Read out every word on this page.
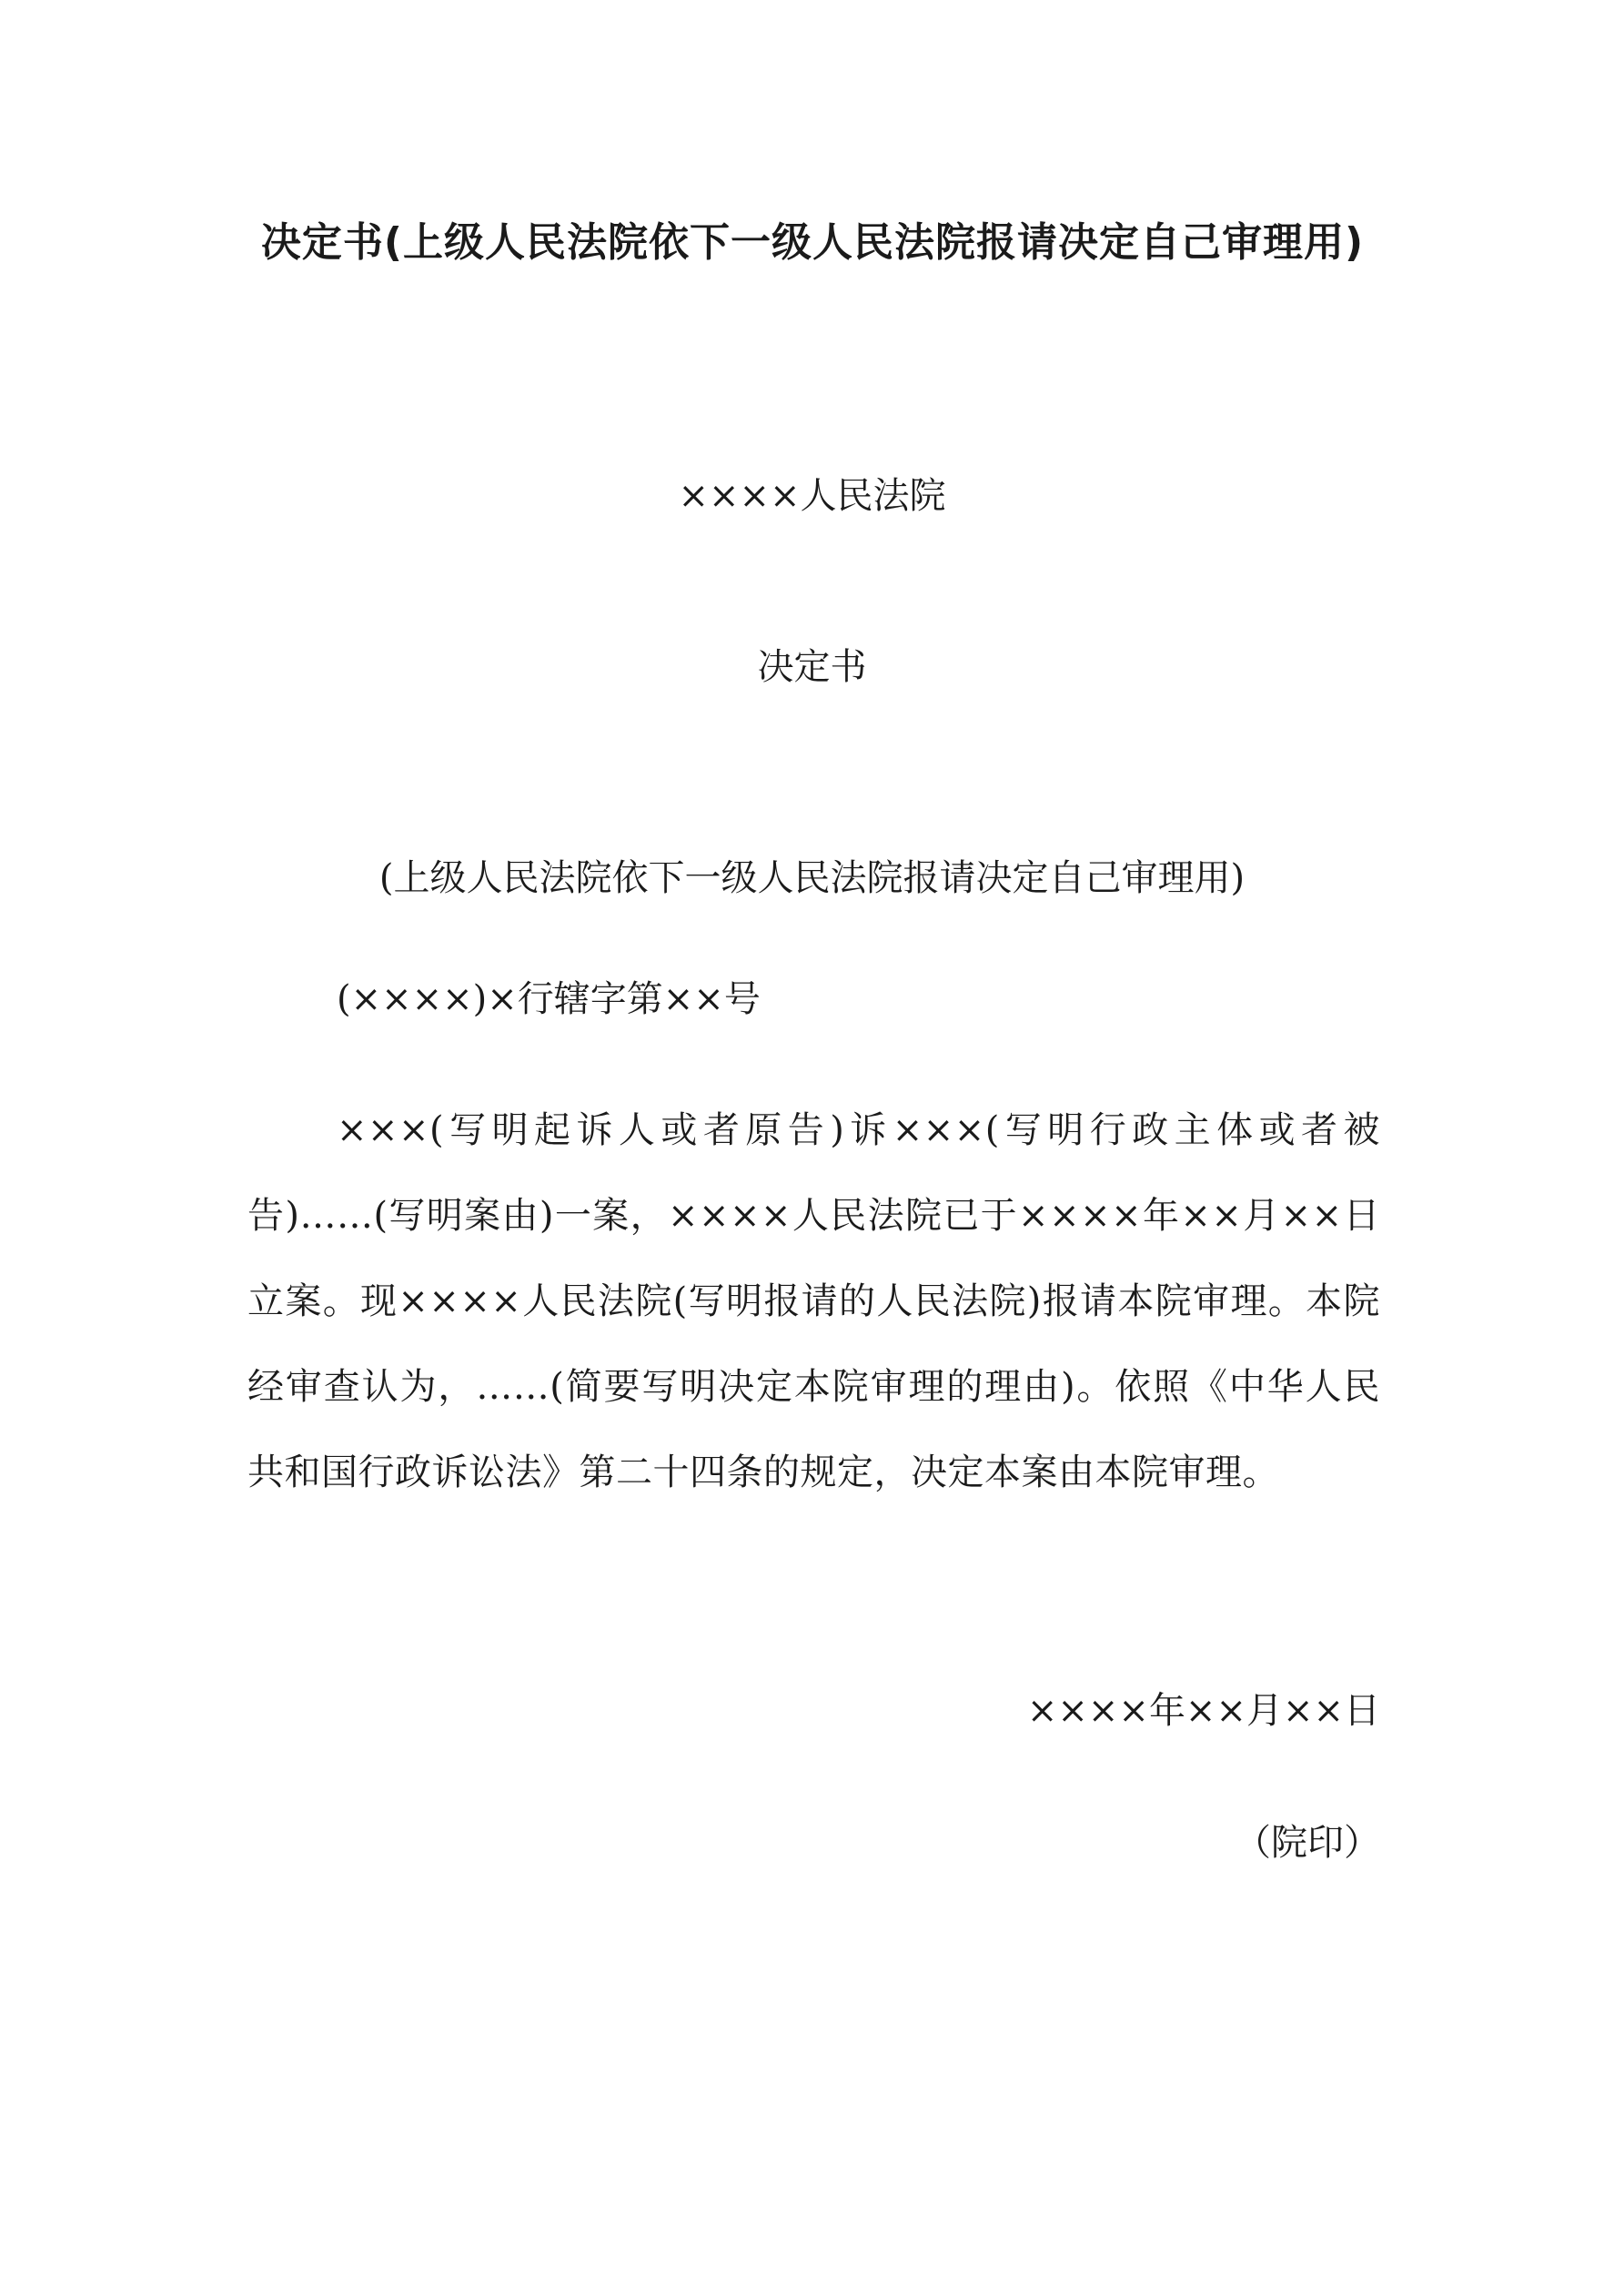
决定书(上级人民法院依下一级人民法院报请决定自己审理用)
××××人民法院
决定书
(上级人民法院依下一级人民法院报请决定自己审理用)
(××××)×行辖字第××号

×××(写明起诉人或者原告)诉×××(写明行政主体或者被告)……(写明案由)一案，××××人民法院已于××××年××月××日立案。现××××人民法院(写明报请的人民法院)报请本院审理。本院经审查认为，……(简要写明决定本院审理的理由)。依照《中华人民共和国行政诉讼法》第二十四条的规定，决定本案由本院审理。

××××年××月××日
（院印）
